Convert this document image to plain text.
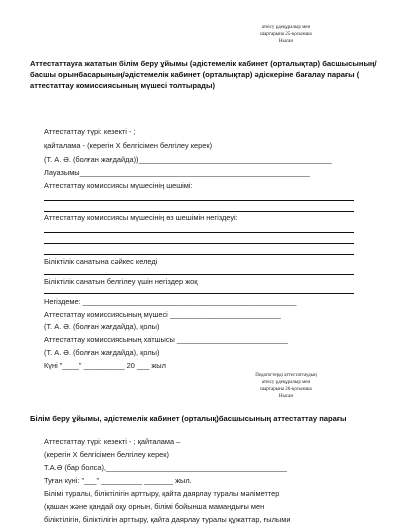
атеісу ұдеқұралыр мен
шартарына 25-қосымша
Нысан
Аттестаттауға жататын білім беру ұйымы (әдістемелік кабинет (орталықтар) басшысының/
басшы орынбасарының/әдістемелік кабинет (орталықтар) әдіскеріне бағалау парағы (
аттестаттау комиссиясының мүшесі толтырады)
Аттестаттау түрі: кезекті - ;
қайталама - (керегін Х белгісімен белгілеу керек)
(Т. А. Ә. (болған жағдайда))_______________________________________________
Лауазымы________________________________________________________
Аттестаттау комиссиясы мүшесінің шешімі:
Аттестаттау комиссиясы мүшесінің өз шешімін негіздеуі:
Біліктілік санатына сәйкес келеді
Біліктілік санатын белгілеу үшін негіздер жоқ
Негіздеме: ____________________________________________________
Аттестаттау комиссиясының мүшесі ___________________________
(Т. А. Ә. (болған жағдайда), қолы)
Аттестаттау комиссиясының хатшысы ___________________________
(Т. А. Ә. (болған жағдайда), қолы)
Күні "____" __________ 20 ___ жыл
Педагогтерді аттестаттаудың
атеісу ұдеқұралыр мен
шартарына 26-қосымша
Нысан
Білім беру ұйымы, әдістемелік кабинет (орталық)басшысының аттестаттау парағы
Аттестаттау түрі: кезекті - ; қайталама –
(керегін Х белгісімен белгілеу керек)
Т.А.Ә (бар болса),____________________________________________
Туған күні: "___" __________ _______ жыл.
Білімі туралы, біліктілігін арттыру, қайта даярлау туралы мәліметтер
(қашан және қандай оқу орнын, білімі бойынша мамандығы мен
біліктілігін, біліктілігін арттыру, қайта даярлау туралы құжаттар, ғылыми
